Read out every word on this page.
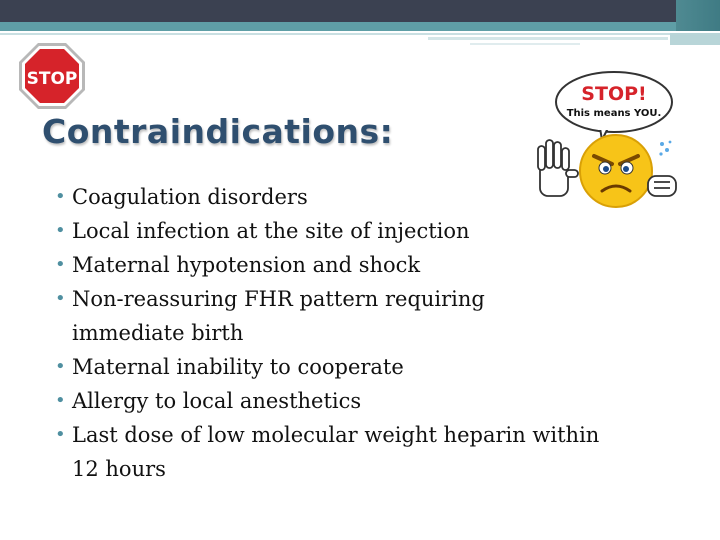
STOP
Contraindications:
STOP!
This means YOU.
• Coagulation disorders
• Local infection at the site of injection
• Maternal hypotension and shock
• Non-reassuring FHR pattern requiring immediate birth
• Maternal inability to cooperate
• Allergy to local anesthetics
• Last dose of low molecular weight heparin within 12 hours
